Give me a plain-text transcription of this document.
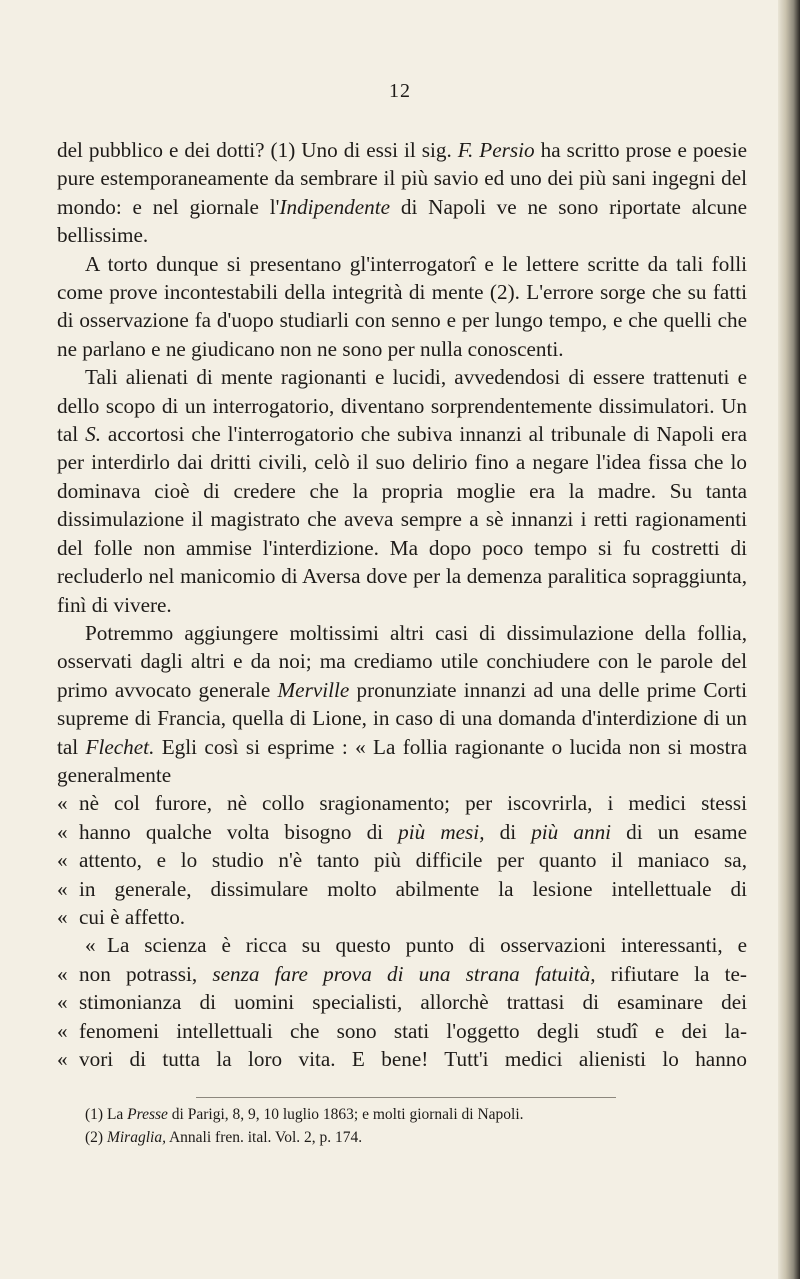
12

del pubblico e dei dotti? (1) Uno di essi il sig. F. Persio ha scritto prose e poesie pure estemporaneamente da sembrare il più savio ed uno dei più sani ingegni del mondo: e nel giornale l'Indipendente di Napoli ve ne sono riportate alcune bellissime.

A torto dunque si presentano gl'interrogatorî e le lettere scritte da tali folli come prove incontestabili della integrità di mente (2). L'errore sorge che su fatti di osservazione fa d'uopo studiarli con senno e per lungo tempo, e che quelli che ne parlano e ne giudicano non ne sono per nulla conoscenti.

Tali alienati di mente ragionanti e lucidi, avvedendosi di essere trattenuti e dello scopo di un interrogatorio, diventano sorprendentemente dissimulatori. Un tal S. accortosi che l'interrogatorio che subiva innanzi al tribunale di Napoli era per interdirlo dai dritti civili, celò il suo delirio fino a negare l'idea fissa che lo dominava cioè di credere che la propria moglie era la madre. Su tanta dissimulazione il magistrato che aveva sempre a sè innanzi i retti ragionamenti del folle non ammise l'interdizione. Ma dopo poco tempo si fu costretti di recluderlo nel manicomio di Aversa dove per la demenza paralitica sopraggiunta, finì di vivere.

Potremmo aggiungere moltissimi altri casi di dissimulazione della follia, osservati dagli altri e da noi; ma crediamo utile conchiudere con le parole del primo avvocato generale Merville pronunziate innanzi ad una delle prime Corti supreme di Francia, quella di Lione, in caso di una domanda d'interdizione di un tal Flechet. Egli così si esprime : « La follia ragionante o lucida non si mostra generalmente

« nè col furore, nè collo sragionamento; per iscovrirla, i medici stessi
« hanno qualche volta bisogno di più mesi, di più anni di un esame
« attento, e lo studio n'è tanto più difficile per quanto il maniaco sa,
« in generale, dissimulare molto abilmente la lesione intellettuale di
« cui è affetto.
« La scienza è ricca su questo punto di osservazioni interessanti, e
« non potrassi, senza fare prova di una strana fatuità, rifiutare la te-
« stimonianza di uomini specialisti, allorchè trattasi di esaminare dei
« fenomeni intellettuali che sono stati l'oggetto degli studî e dei la-
« vori di tutta la loro vita. E bene! Tutt'i medici alienisti lo hanno
(1) La Presse di Parigi, 8, 9, 10 luglio 1863; e molti giornali di Napoli.
(2) Miraglia, Annali fren. ital. Vol. 2, p. 174.
